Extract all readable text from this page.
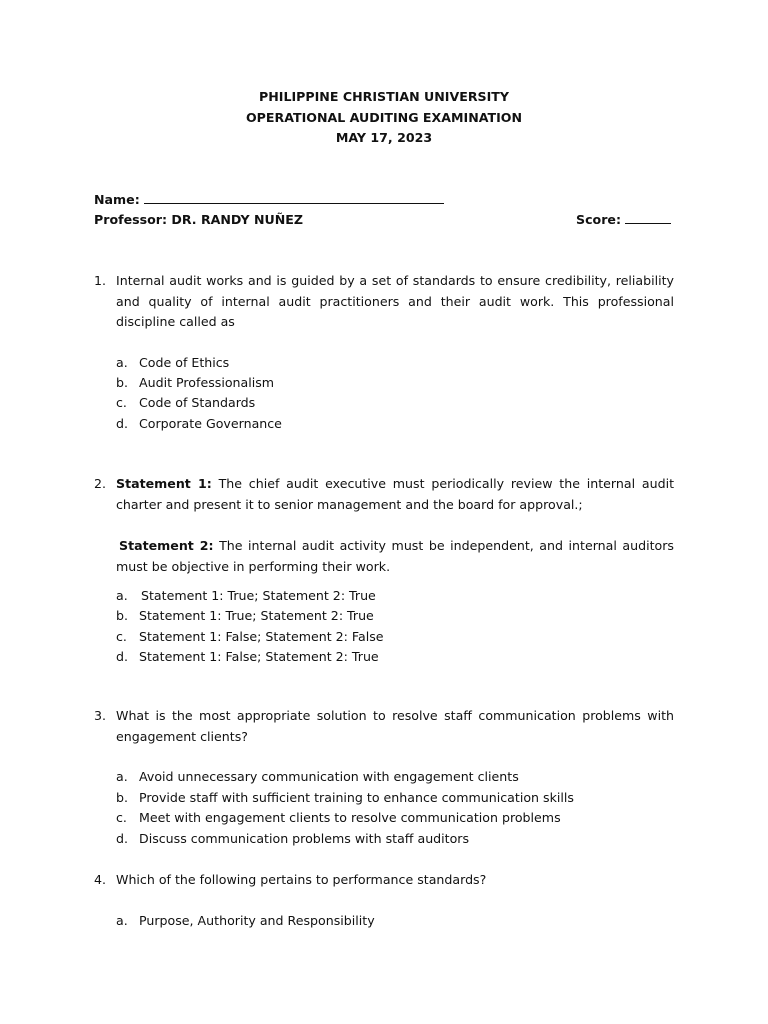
PHILIPPINE CHRISTIAN UNIVERSITY
OPERATIONAL AUDITING EXAMINATION
MAY 17, 2023
Name:
Professor: DR. RANDY NUÑEZ	Score:
1. Internal audit works and is guided by a set of standards to ensure credibility, reliability and quality of internal audit practitioners and their audit work. This professional discipline called as
a. Code of Ethics
b. Audit Professionalism
c. Code of Standards
d. Corporate Governance
2. Statement 1: The chief audit executive must periodically review the internal audit charter and present it to senior management and the board for approval.;
Statement 2: The internal audit activity must be independent, and internal auditors must be objective in performing their work.
a. Statement 1: True; Statement 2: True
b. Statement 1: True; Statement 2: True
c. Statement 1: False; Statement 2: False
d. Statement 1: False; Statement 2: True
3. What is the most appropriate solution to resolve staff communication problems with engagement clients?
a. Avoid unnecessary communication with engagement clients
b. Provide staff with sufficient training to enhance communication skills
c. Meet with engagement clients to resolve communication problems
d. Discuss communication problems with staff auditors
4. Which of the following pertains to performance standards?
a. Purpose, Authority and Responsibility
